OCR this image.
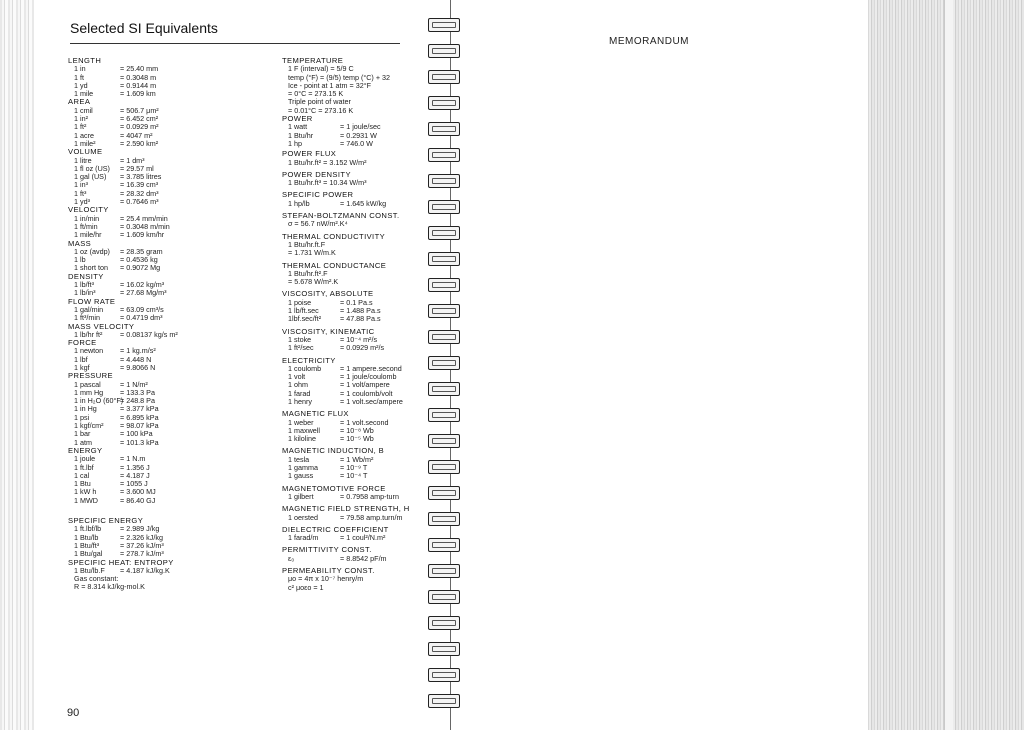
Selected SI Equivalents
MEMORANDUM
90
LENGTH
1 in	= 25.40 mm
1 ft	= 0.3048 m
1 yd	= 0.9144 m
1 mile	= 1.609 km
AREA
1 cmil	= 506.7 μm²
1 in²	= 6.452 cm²
1 ft²	= 0.0929 m²
1 acre	= 4047 m²
1 mile²	= 2.590 km²
VOLUME
1 litre	= 1 dm³
1 fl oz (US)	= 29.57 ml
1 gal (US)	= 3.785 litres
1 in³	= 16.39 cm³
1 ft³	= 28.32 dm³
1 yd³	= 0.7646 m³
VELOCITY
1 in/min	= 25.4 mm/min
1 ft/min	= 0.3048 m/min
1 mile/hr	= 1.609 km/hr
MASS
1 oz (avdp)	= 28.35 gram
1 lb	= 0.4536 kg
1 short ton	= 0.9072 Mg
DENSITY
1 lb/ft³	= 16.02 kg/m³
1 lb/in³	= 27.68 Mg/m³
FLOW RATE
1 gal/min	= 63.09 cm³/s
1 ft³/min	= 0.4719 dm³
MASS VELOCITY
1 lb/hr ft²	= 0.08137 kg/s m²
FORCE
1 newton	= 1 kg.m/s²
1 lbf	= 4.448 N
1 kgf	= 9.8066 N
PRESSURE
1 pascal	= 1 N/m²
1 mm Hg	= 133.3 Pa
1 in H₂O (60°F)
= 248.8 Pa
1 in Hg	= 3.377 kPa
1 psi	= 6.895 kPa
1 kgf/cm²	= 98.07 kPa
1 bar	= 100 kPa
1 atm	= 101.3 kPa
ENERGY
1 joule	= 1 N.m
1 ft.lbf	= 1.356 J
1 cal	= 4.187 J
1 Btu	= 1055 J
1 kW h	= 3.600 MJ
1 MWD	= 86.40 GJ
SPECIFIC ENERGY
1 ft.lbf/lb	= 2.989 J/kg
1 Btu/lb	= 2.326 kJ/kg
1 Btu/ft³	= 37.26 kJ/m³
1 Btu/gal	= 278.7 kJ/m³
SPECIFIC HEAT: ENTROPY
1 Btu/lb.F	= 4.187 kJ/kg.K
Gas constant:
R = 8.314 kJ/kg-mol.K
TEMPERATURE
1 F (interval) = 5/9 C
temp (°F) = (9/5) temp (°C) + 32
Ice - point at 1 atm = 32°F
= 0°C = 273.15 K
Triple point of water
= 0.01°C = 273.16 K
POWER
1 watt	= 1 joule/sec
1 Btu/hr	= 0.2931 W
1 hp	= 746.0 W
POWER FLUX
1 Btu/hr.ft² = 3.152 W/m²
POWER DENSITY
1 Btu/hr.ft³ = 10.34 W/m³
SPECIFIC POWER
1 hp/lb	= 1.645 kW/kg
STEFAN-BOLTZMANN CONST.
σ = 56.7 nW/m².K⁴
THERMAL CONDUCTIVITY
1 Btu/hr.ft.F
= 1.731 W/m.K
THERMAL CONDUCTANCE
1 Btu/hr.ft².F
= 5.678 W/m².K
VISCOSITY, ABSOLUTE
1 poise	= 0.1 Pa.s
1 lb/ft.sec	= 1.488 Pa.s
1lbf.sec/ft²	= 47.88 Pa.s
VISCOSITY, KINEMATIC
1 stoke	= 10⁻⁴ m²/s
1 ft²/sec	= 0.0929 m²/s
ELECTRICITY
1 coulomb	= 1 ampere.second
1 volt	= 1 joule/coulomb
1 ohm	= 1 volt/ampere
1 farad	= 1 coulomb/volt
1 henry	= 1 volt.sec/ampere
MAGNETIC FLUX
1 weber	= 1 volt.second
1 maxwell	= 10⁻⁸ Wb
1 kiloline	= 10⁻⁵ Wb
MAGNETIC INDUCTION, B
1 tesla	= 1 Wb/m²
1 gamma	= 10⁻⁹ T
1 gauss	= 10⁻⁴ T
MAGNETOMOTIVE FORCE
1 gilbert	= 0.7958 amp-turn
MAGNETIC FIELD STRENGTH, H
1 oersted	= 79.58 amp.turn/m
DIELECTRIC COEFFICIENT
1 farad/m	= 1 coul²/N.m²
PERMITTIVITY CONST.
ε₀	= 8.8542 pF/m
PERMEABILITY CONST.
μο = 4π x 10⁻⁷ henry/m
c² μοεο = 1
